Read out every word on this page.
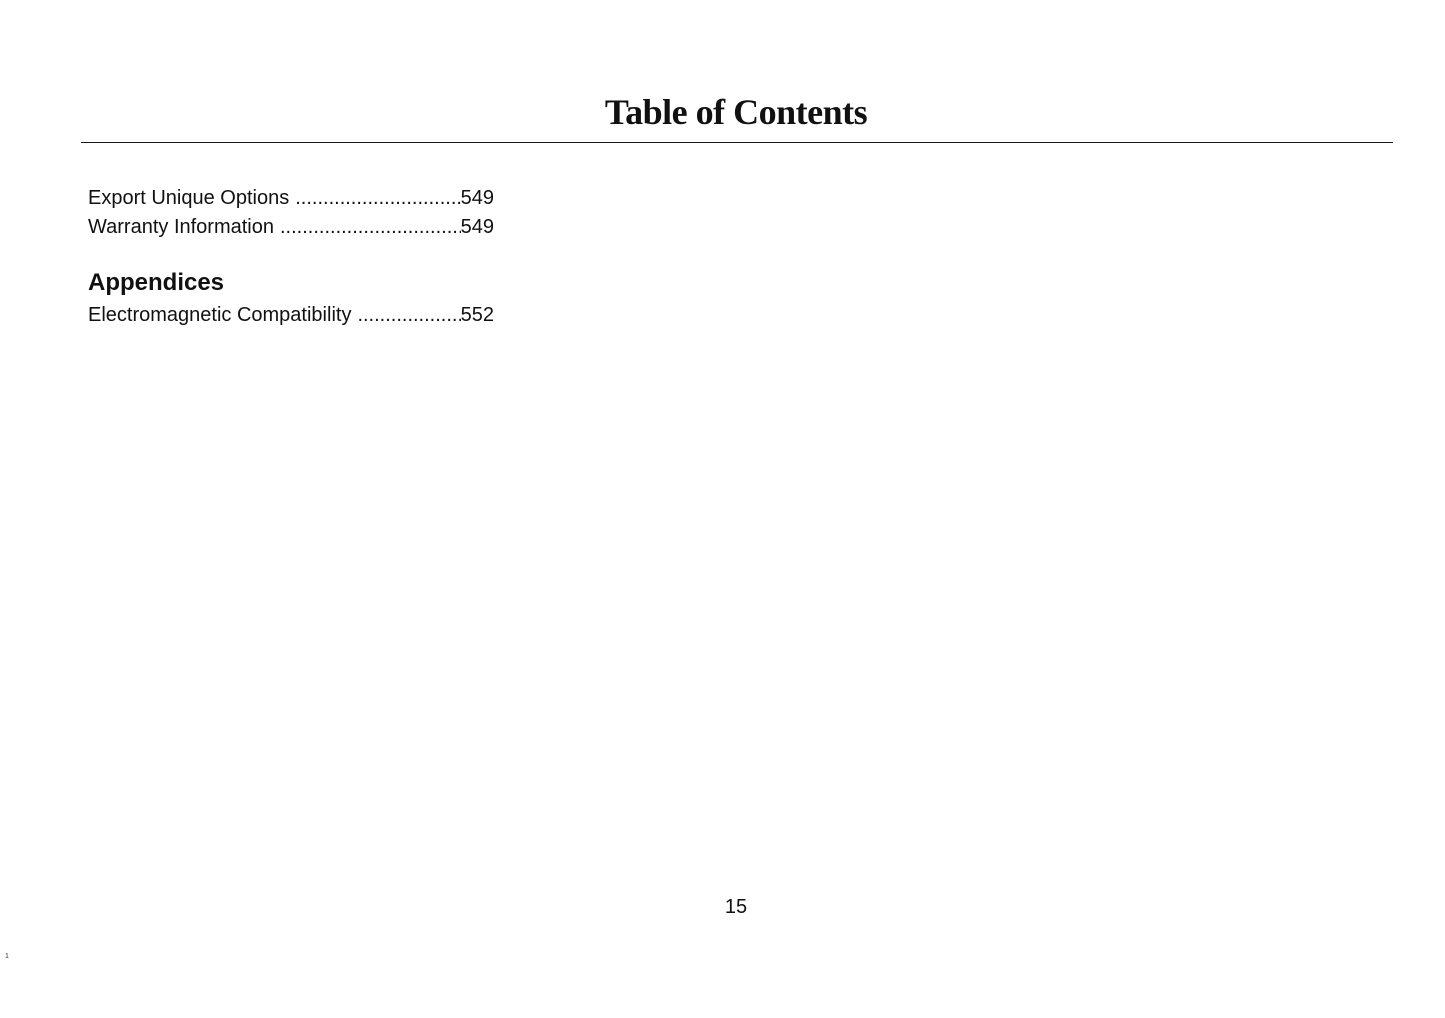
Table of Contents
Export Unique Options .....	549
Warranty Information .....	549
Appendices
Electromagnetic Compatibility .....	552
15
1
